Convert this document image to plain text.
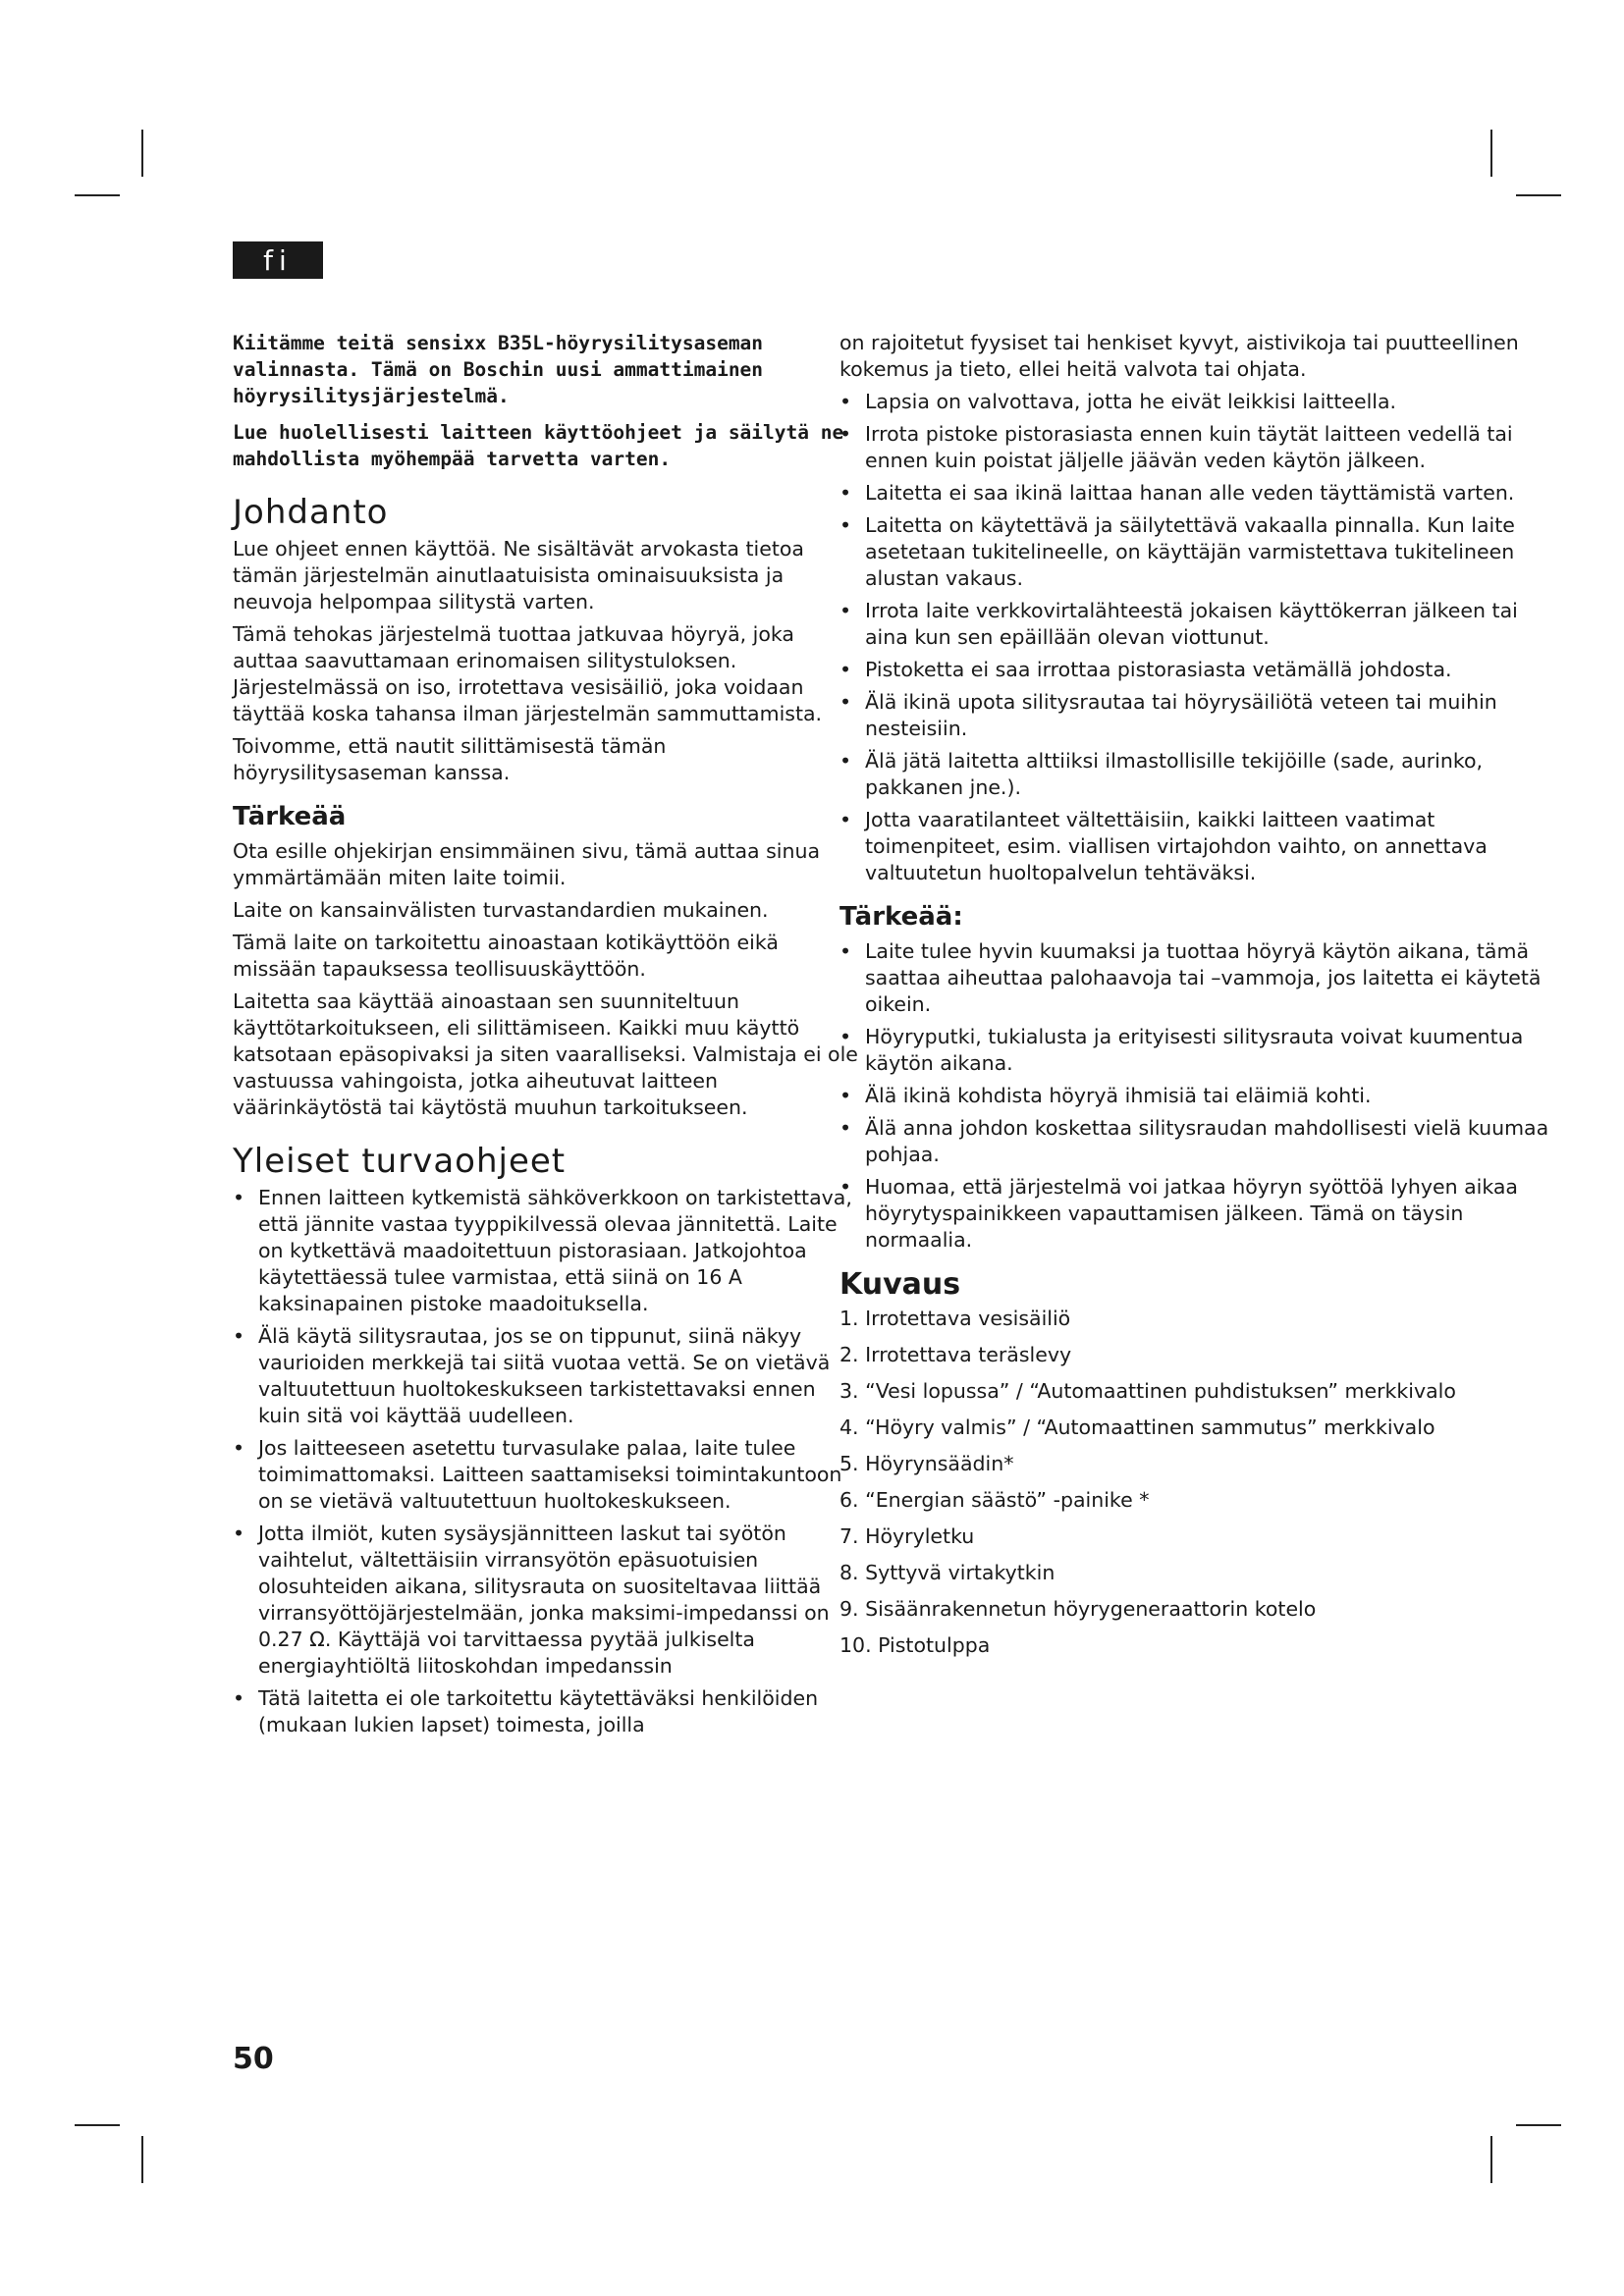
fi

Kiitämme teitä sensixx B35L-höyrysilitysaseman valinnasta. Tämä on Boschin uusi ammattimainen höyrysilitysjärjestelmä.

Lue huolellisesti laitteen käyttöohjeet ja säilytä ne mahdollista myöhempää tarvetta varten.

Johdanto

Lue ohjeet ennen käyttöä. Ne sisältävät arvokasta tietoa tämän järjestelmän ainutlaatuisista ominaisuuksista ja neuvoja helpompaa silitystä varten.

Tämä tehokas järjestelmä tuottaa jatkuvaa höyryä, joka auttaa saavuttamaan erinomaisen silitystuloksen. Järjestelmässä on iso, irrotettava vesisäiliö, joka voidaan täyttää koska tahansa ilman järjestelmän sammuttamista.

Toivomme, että nautit silittämisestä tämän höyrysilitysaseman kanssa.

Tärkeää

Ota esille ohjekirjan ensimmäinen sivu, tämä auttaa sinua ymmärtämään miten laite toimii.

Laite on kansainvälisten turvastandardien mukainen.

Tämä laite on tarkoitettu ainoastaan kotikäyttöön eikä missään tapauksessa teollisuuskäyttöön.

Laitetta saa käyttää ainoastaan sen suunniteltuun käyttötarkoitukseen, eli silittämiseen. Kaikki muu käyttö katsotaan epäsopivaksi ja siten vaaralliseksi. Valmistaja ei ole vastuussa vahingoista, jotka aiheutuvat laitteen väärinkäytöstä tai käytöstä muuhun tarkoitukseen.

Yleiset turvaohjeet
• Ennen laitteen kytkemistä sähköverkkoon on tarkistettava, että jännite vastaa tyyppikilvessä olevaa jännitettä. Laite on kytkettävä maadoitettuun pistorasiaan. Jatkojohtoa käytettäessä tulee varmistaa, että siinä on 16 A kaksinapainen pistoke maadoituksella.
• Älä käytä silitysrautaa, jos se on tippunut, siinä näkyy vaurioiden merkkejä tai siitä vuotaa vettä. Se on vietävä valtuutettuun huoltokeskukseen tarkistettavaksi ennen kuin sitä voi käyttää uudelleen.
• Jos laitteeseen asetettu turvasulake palaa, laite tulee toimimattomaksi. Laitteen saattamiseksi toimintakuntoon on se vietävä valtuutettuun huoltokeskukseen.
• Jotta ilmiöt, kuten sysäysjännitteen laskut tai syötön vaihtelut, vältettäisiin virransyötön epäsuotuisien olosuhteiden aikana, silitysrauta on suositeltavaa liittää virransyöttöjärjestelmään, jonka maksimi-impedanssi on 0.27 Ω. Käyttäjä voi tarvittaessa pyytää julkiselta energiayhtiöltä liitoskohdan impedanssin
• Tätä laitetta ei ole tarkoitettu käytettäväksi henkilöiden (mukaan lukien lapset) toimesta, joilla

on rajoitetut fyysiset tai henkiset kyvyt, aistivikoja tai puutteellinen kokemus ja tieto, ellei heitä valvota tai ohjata.

• Lapsia on valvottava, jotta he eivät leikkisi laitteella.
• Irrota pistoke pistorasiasta ennen kuin täytät laitteen vedellä tai ennen kuin poistat jäljelle jäävän veden käytön jälkeen.
• Laitetta ei saa ikinä laittaa hanan alle veden täyttämistä varten.
• Laitetta on käytettävä ja säilytettävä vakaalla pinnalla. Kun laite asetetaan tukitelineelle, on käyttäjän varmistettava tukitelineen alustan vakaus.
• Irrota laite verkkovirtalähteestä jokaisen käyttökerran jälkeen tai aina kun sen epäillään olevan viottunut.
• Pistoketta ei saa irrottaa pistorasiasta vetämällä johdosta.
• Älä ikinä upota silitysrautaa tai höyrysäiliötä veteen tai muihin nesteisiin.
• Älä jätä laitetta alttiiksi ilmastollisille tekijöille (sade, aurinko, pakkanen jne.).
• Jotta vaaratilanteet vältettäisiin, kaikki laitteen vaatimat toimenpiteet, esim. viallisen virtajohdon vaihto, on annettava valtuutetun huoltopalvelun tehtäväksi.
Tärkeää:
• Laite tulee hyvin kuumaksi ja tuottaa höyryä käytön aikana, tämä saattaa aiheuttaa palohaavoja tai –vammoja, jos laitetta ei käytetä oikein.
• Höyryputki, tukialusta ja erityisesti silitysrauta voivat kuumentua käytön aikana.
• Älä ikinä kohdista höyryä ihmisiä tai eläimiä kohti.
• Älä anna johdon koskettaa silitysraudan mahdollisesti vielä kuumaa pohjaa.
• Huomaa, että järjestelmä voi jatkaa höyryn syöttöä lyhyen aikaa höyrytyspainikkeen vapauttamisen jälkeen. Tämä on täysin normaalia.
Kuvaus
1. Irrotettava vesisäiliö
2. Irrotettava teräslevy
3. “Vesi lopussa” / “Automaattinen puhdistuksen” merkkivalo
4. “Höyry valmis” / “Automaattinen sammutus” merkkivalo
5. Höyrynsäädin*
6. “Energian säästö” -painike *
7. Höyryletku
8. Syttyvä virtakytkin
9. Sisäänrakennetun höyrygeneraattorin kotelo
10. Pistotulppa
50
